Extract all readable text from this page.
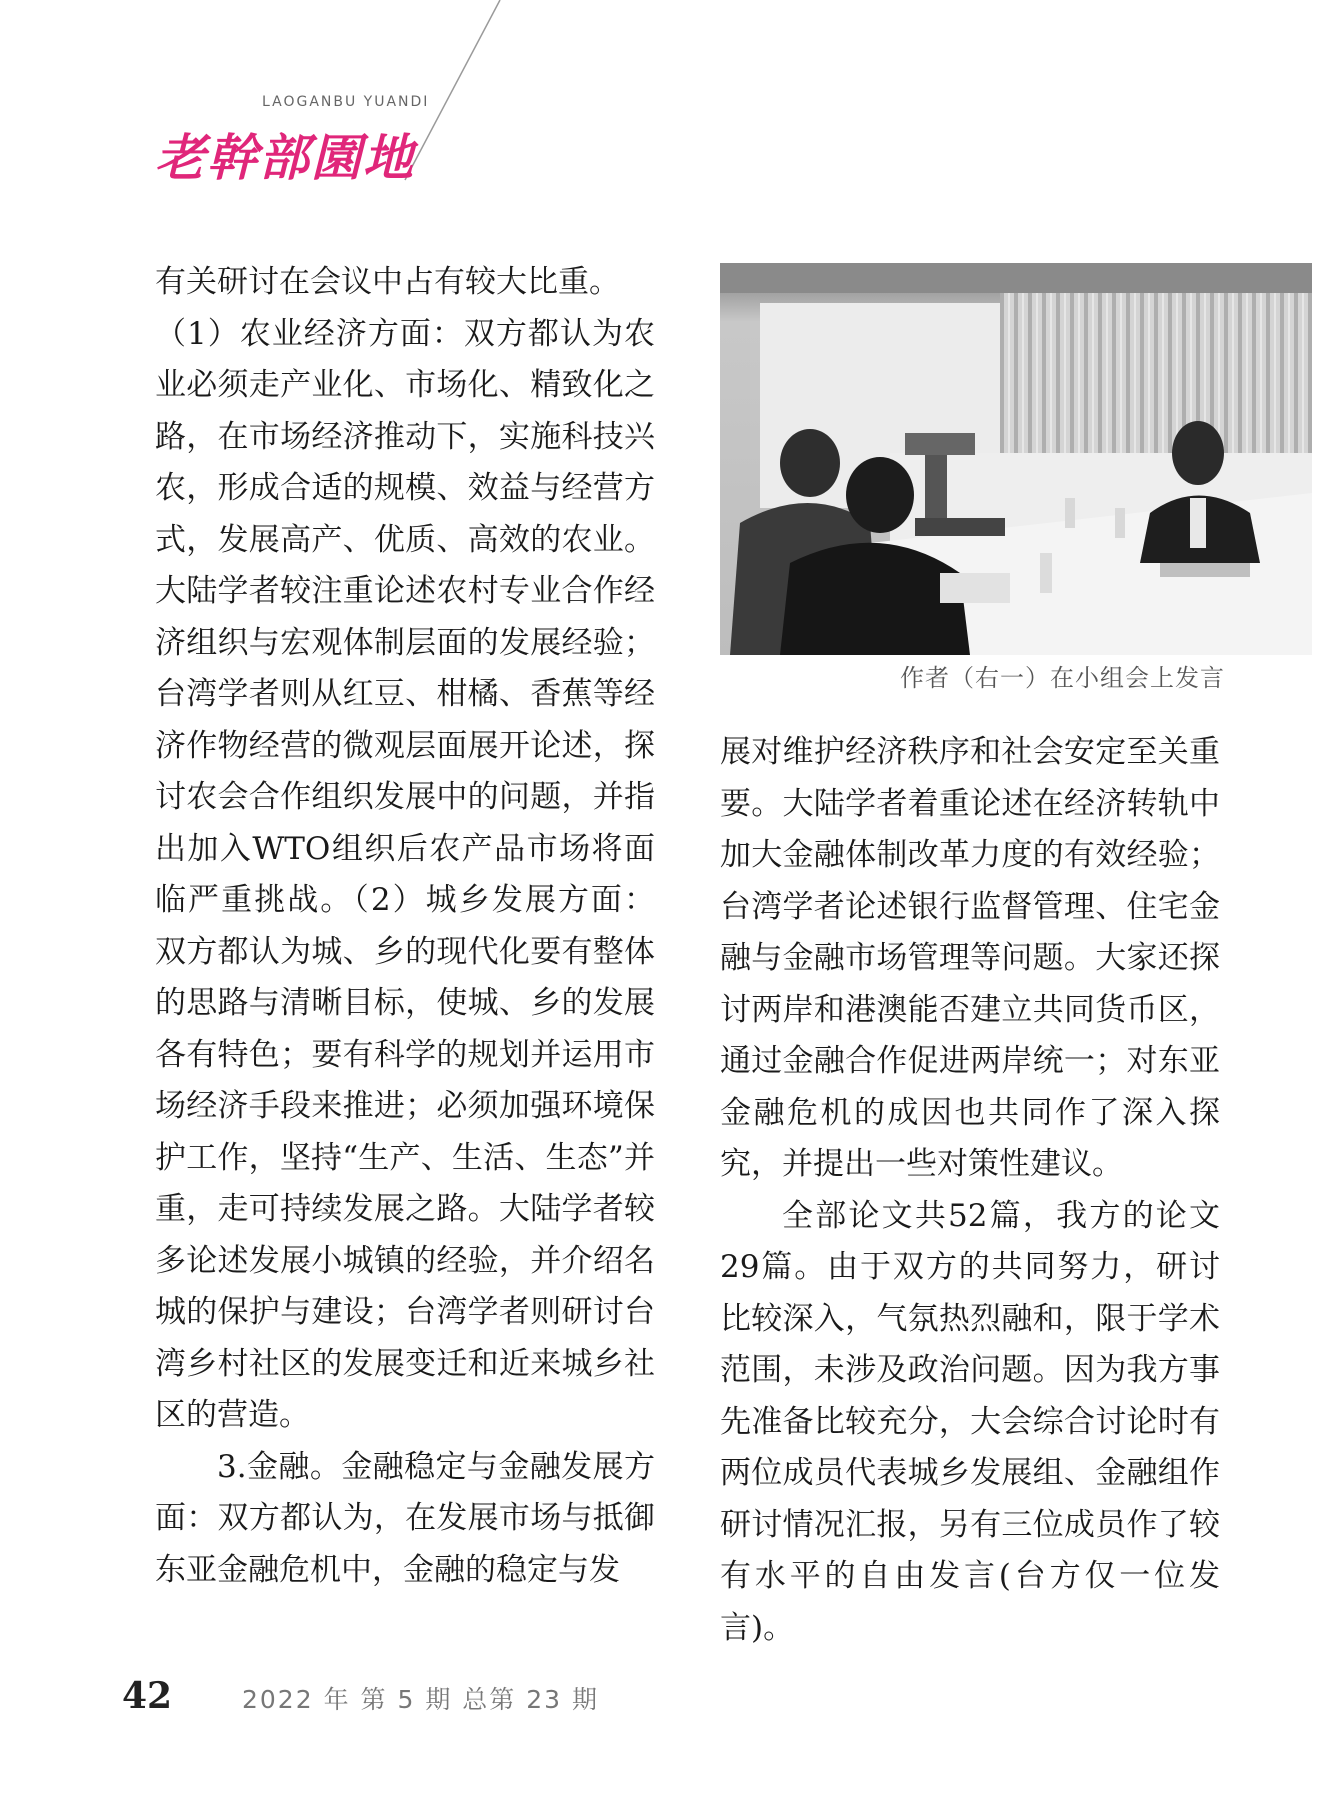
LAOGANBU YUANDI
老幹部園地

有关研讨在会议中占有较大比重。

（1）农业经济方面：双方都认为农业必须走产业化、市场化、精致化之路，在市场经济推动下，实施科技兴农，形成合适的规模、效益与经营方式，发展高产、优质、高效的农业。大陆学者较注重论述农村专业合作经济组织与宏观体制层面的发展经验；台湾学者则从红豆、柑橘、香蕉等经济作物经营的微观层面展开论述，探讨农会合作组织发展中的问题，并指出加入WTO组织后农产品市场将面临严重挑战。（2）城乡发展方面：双方都认为城、乡的现代化要有整体的思路与清晰目标，使城、乡的发展各有特色；要有科学的规划并运用市场经济手段来推进；必须加强环境保护工作，坚持“生产、生活、生态”并重，走可持续发展之路。大陆学者较多论述发展小城镇的经验，并介绍名城的保护与建设；台湾学者则研讨台湾乡村社区的发展变迁和近来城乡社区的营造。

3.金融。金融稳定与金融发展方面：双方都认为，在发展市场与抵御东亚金融危机中，金融的稳定与发

作者（右一）在小组会上发言

展对维护经济秩序和社会安定至关重要。大陆学者着重论述在经济转轨中加大金融体制改革力度的有效经验；台湾学者论述银行监督管理、住宅金融与金融市场管理等问题。大家还探讨两岸和港澳能否建立共同货币区，通过金融合作促进两岸统一；对东亚金融危机的成因也共同作了深入探究，并提出一些对策性建议。

全部论文共52篇，我方的论文29篇。由于双方的共同努力，研讨比较深入，气氛热烈融和，限于学术范围，未涉及政治问题。因为我方事先准备比较充分，大会综合讨论时有两位成员代表城乡发展组、金融组作研讨情况汇报，另有三位成员作了较有水平的自由发言(台方仅一位发言)。

42	2022 年 第 5 期 总第 23 期
